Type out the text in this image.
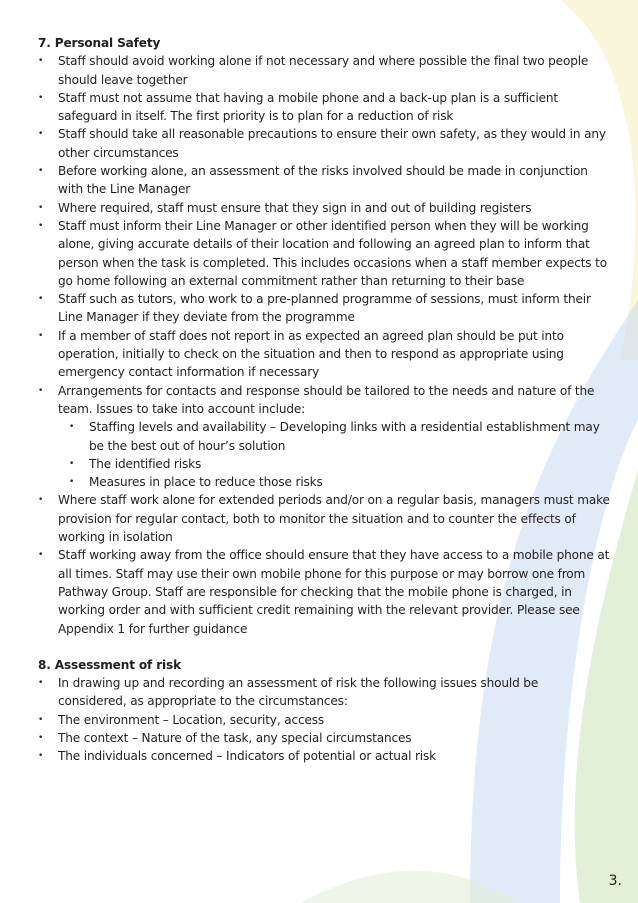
7. Personal Safety
• Staff should avoid working alone if not necessary and where possible the final two people should leave together
• Staff must not assume that having a mobile phone and a back-up plan is a sufficient safeguard in itself. The first priority is to plan for a reduction of risk
• Staff should take all reasonable precautions to ensure their own safety, as they would in any other circumstances
• Before working alone, an assessment of the risks involved should be made in conjunction with the Line Manager
• Where required, staff must ensure that they sign in and out of building registers
• Staff must inform their Line Manager or other identified person when they will be working alone, giving accurate details of their location and following an agreed plan to inform that person when the task is completed. This includes occasions when a staff member expects to go home following an external commitment rather than returning to their base
• Staff such as tutors, who work to a pre-planned programme of sessions, must inform their Line Manager if they deviate from the programme
• If a member of staff does not report in as expected an agreed plan should be put into operation, initially to check on the situation and then to respond as appropriate using emergency contact information if necessary
• Arrangements for contacts and response should be tailored to the needs and nature of the team. Issues to take into account include:
• Staffing levels and availability – Developing links with a residential establishment may be the best out of hour’s solution
• The identified risks
• Measures in place to reduce those risks
• Where staff work alone for extended periods and/or on a regular basis, managers must make provision for regular contact, both to monitor the situation and to counter the effects of working in isolation
• Staff working away from the office should ensure that they have access to a mobile phone at all times. Staff may use their own mobile phone for this purpose or may borrow one from Pathway Group. Staff are responsible for checking that the mobile phone is charged, in working order and with sufficient credit remaining with the relevant provider. Please see Appendix 1 for further guidance
8. Assessment of risk
• In drawing up and recording an assessment of risk the following issues should be considered, as appropriate to the circumstances:
• The environment – Location, security, access
• The context – Nature of the task, any special circumstances
• The individuals concerned – Indicators of potential or actual risk
3.
